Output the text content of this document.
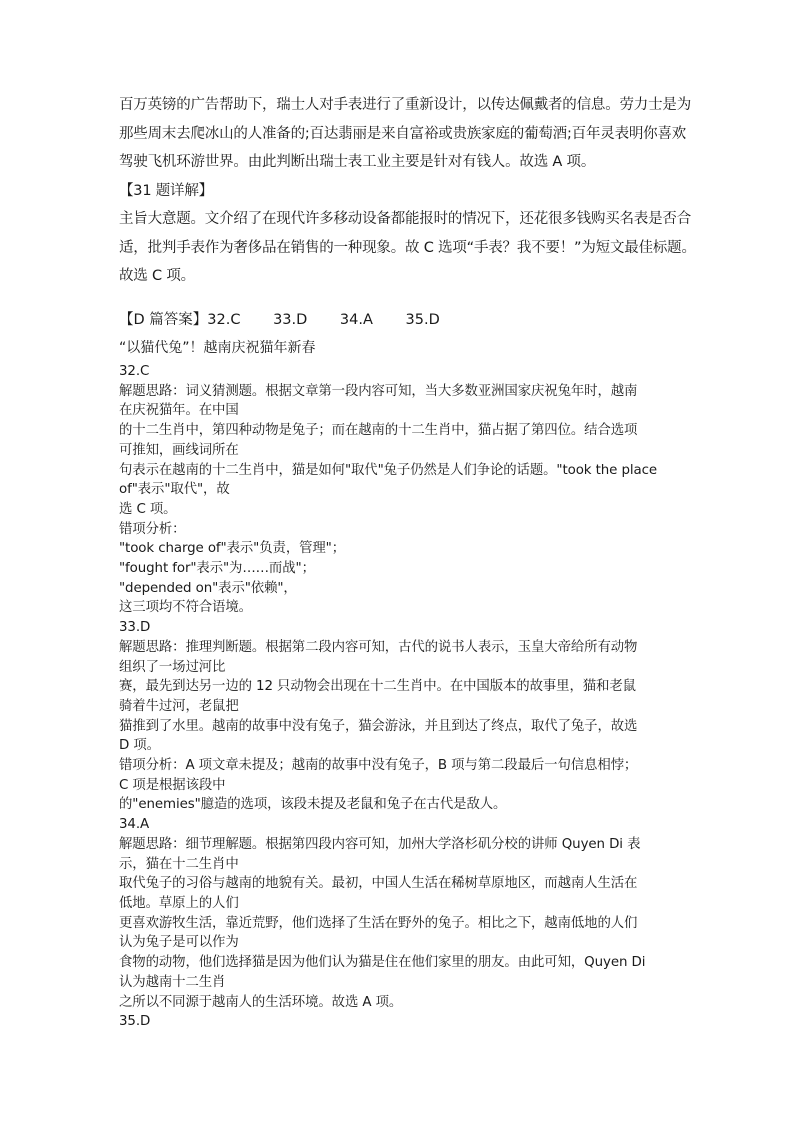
百万英镑的广告帮助下，瑞士人对手表进行了重新设计，以传达佩戴者的信息。劳力士是为

那些周末去爬冰山的人准备的;百达翡丽是来自富裕或贵族家庭的葡萄酒;百年灵表明你喜欢

驾驶飞机环游世界。由此判断出瑞士表工业主要是针对有钱人。故选 A 项。

【31 题详解】

主旨大意题。文介绍了在现代许多移动设备都能报时的情况下，还花很多钱购买名表是否合

适，批判手表作为奢侈品在销售的一种现象。故 C 选项“手表？我不要！”为短文最佳标题。

故选 C 项。

【D 篇答案】32.C 33.D 34.A 35.D
“以猫代兔”！越南庆祝猫年新春
32.C
解题思路：词义猜测题。根据文章第一段内容可知，当大多数亚洲国家庆祝兔年时，越南
在庆祝猫年。在中国
的十二生肖中，第四种动物是兔子；而在越南的十二生肖中，猫占据了第四位。结合选项
可推知，画线词所在
句表示在越南的十二生肖中，猫是如何"取代"兔子仍然是人们争论的话题。"took the place
of"表示"取代"，故
选 C 项。
错项分析：
"took charge of"表示"负责，管理"；
"fought for"表示"为……而战"；
"depended on"表示"依赖"，
这三项均不符合语境。
33.D
解题思路：推理判断题。根据第二段内容可知，古代的说书人表示，玉皇大帝给所有动物
组织了一场过河比
赛，最先到达另一边的 12 只动物会出现在十二生肖中。在中国版本的故事里，猫和老鼠
骑着牛过河，老鼠把
猫推到了水里。越南的故事中没有兔子，猫会游泳，并且到达了终点，取代了兔子，故选
D 项。
错项分析：A 项文章未提及；越南的故事中没有兔子，B 项与第二段最后一句信息相悖；
C 项是根据该段中
的"enemies"臆造的选项，该段未提及老鼠和兔子在古代是敌人。
34.A
解题思路：细节理解题。根据第四段内容可知，加州大学洛杉矶分校的讲师 Quyen Di 表
示，猫在十二生肖中
取代兔子的习俗与越南的地貌有关。最初，中国人生活在稀树草原地区，而越南人生活在
低地。草原上的人们
更喜欢游牧生活，靠近荒野，他们选择了生活在野外的兔子。相比之下，越南低地的人们
认为兔子是可以作为
食物的动物，他们选择猫是因为他们认为猫是住在他们家里的朋友。由此可知，Quyen Di
认为越南十二生肖
之所以不同源于越南人的生活环境。故选 A 项。
35.D
